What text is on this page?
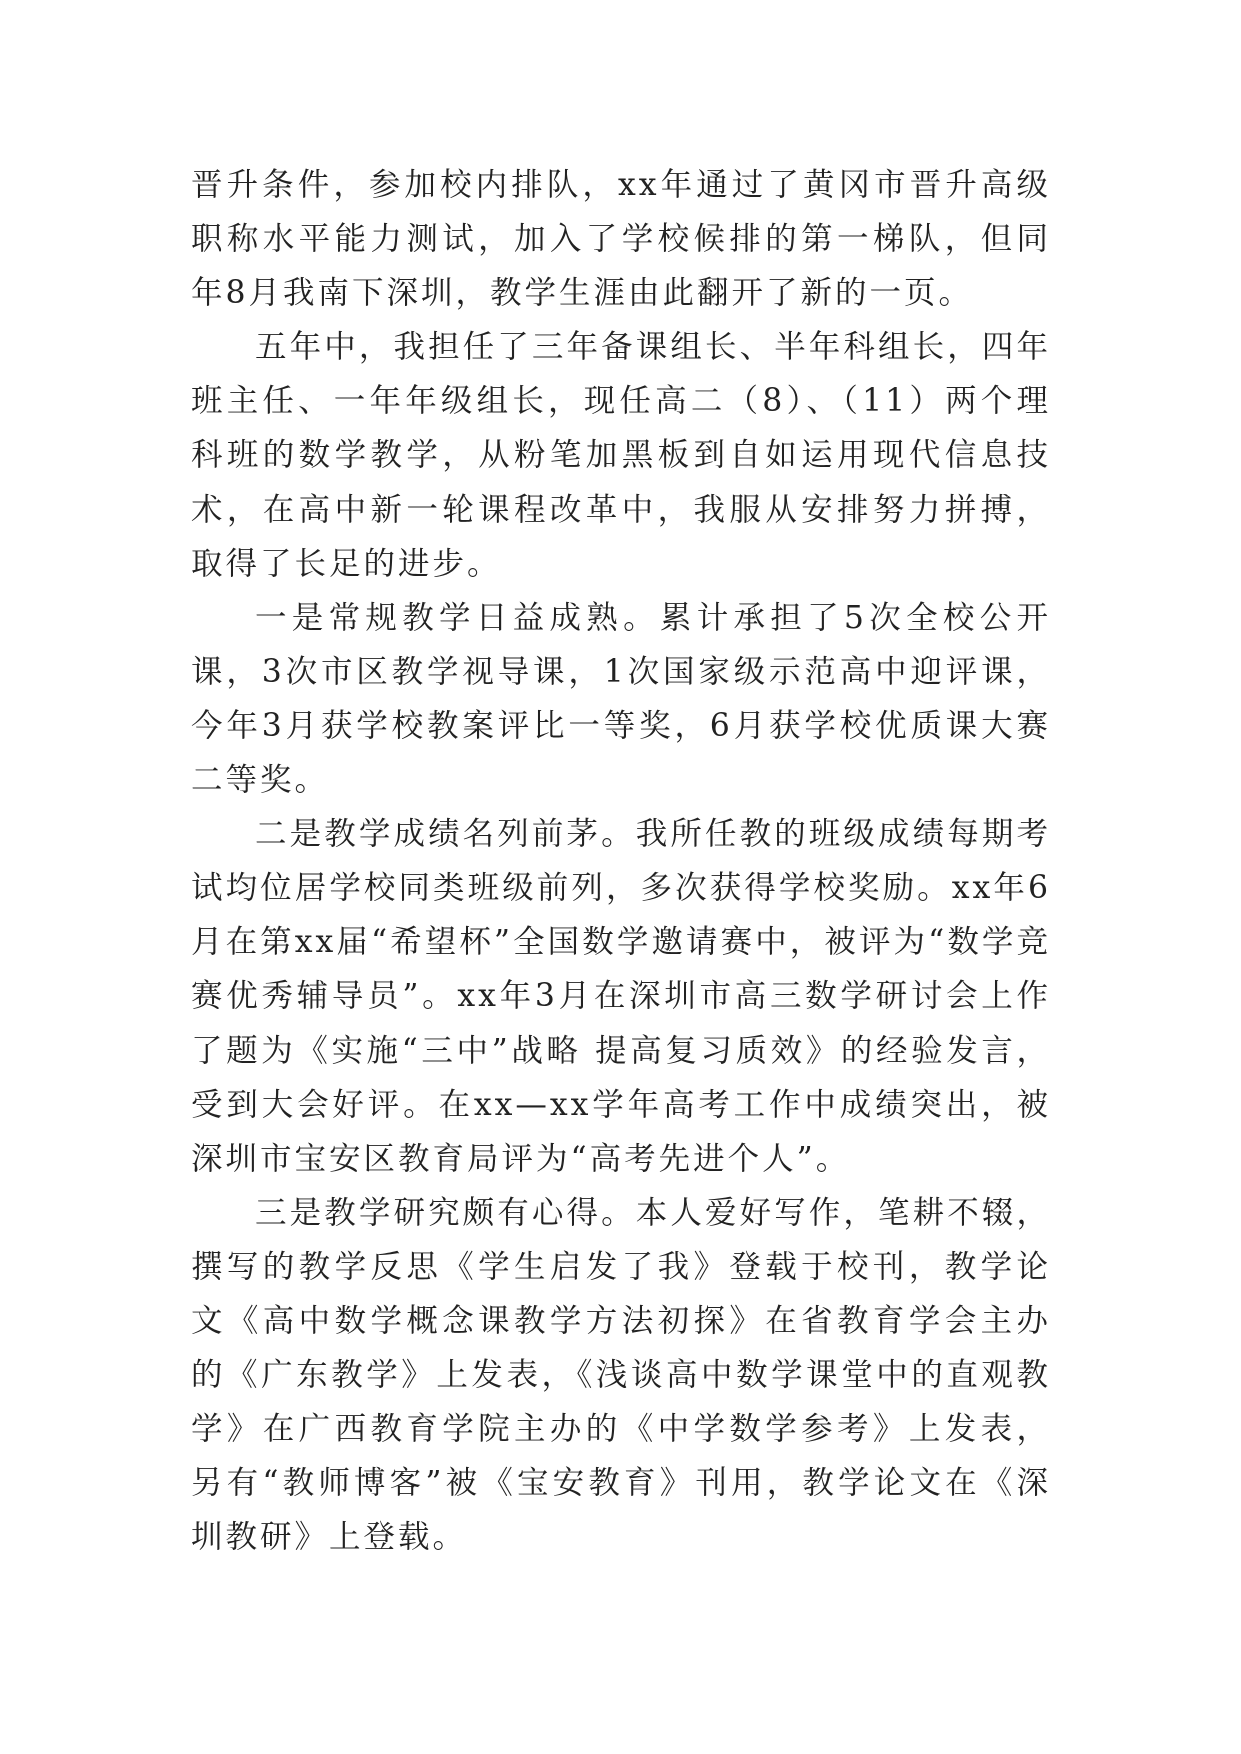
晋升条件，参加校内排队，xx年通过了黄冈市晋升高级职称水平能力测试，加入了学校候排的第一梯队，但同年8月我南下深圳，教学生涯由此翻开了新的一页。

五年中，我担任了三年备课组长、半年科组长，四年班主任、一年年级组长，现任高二（8）、（11）两个理科班的数学教学，从粉笔加黑板到自如运用现代信息技术，在高中新一轮课程改革中，我服从安排努力拼搏，取得了长足的进步。

一是常规教学日益成熟。累计承担了5次全校公开课，3次市区教学视导课，1次国家级示范高中迎评课，今年3月获学校教案评比一等奖，6月获学校优质课大赛二等奖。

二是教学成绩名列前茅。我所任教的班级成绩每期考试均位居学校同类班级前列，多次获得学校奖励。xx年6月在第xx届“希望杯”全国数学邀请赛中，被评为“数学竞赛优秀辅导员”。xx年3月在深圳市高三数学研讨会上作了题为《实施“三中”战略 提高复习质效》的经验发言，受到大会好评。在xx—xx学年高考工作中成绩突出，被深圳市宝安区教育局评为“高考先进个人”。

三是教学研究颇有心得。本人爱好写作，笔耕不辍，撰写的教学反思《学生启发了我》登载于校刊，教学论文《高中数学概念课教学方法初探》在省教育学会主办的《广东教学》上发表，《浅谈高中数学课堂中的直观教学》在广西教育学院主办的《中学数学参考》上发表，另有“教师博客”被《宝安教育》刊用，教学论文在《深圳教研》上登载。
